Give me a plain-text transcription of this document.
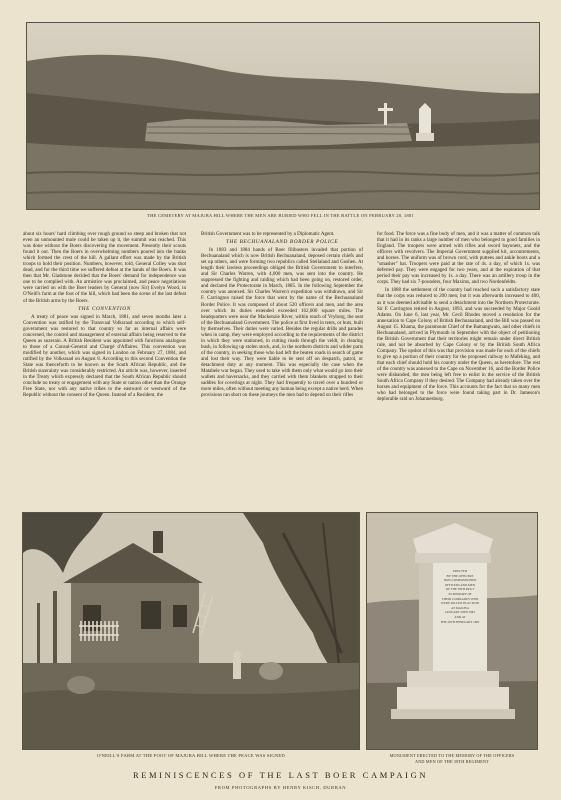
THE CEMETERY AT MAJUBA HILL WHERE THE MEN ARE BURIED WHO FELL IN THE BATTLE ON FEBRUARY 20, 1881

about six hours' hard climbing over rough ground so steep and broken that not even an unmounted mule could be taken up it, the summit was reached. This was done without the Boers discovering the movement. Presently their scouts found it out. Then the Boers in overwhelming numbers poured into the banks which formed the crest of the hill. A gallant effort was made by the British troops to hold their position. Numbers, however, told, General Colley was shot dead, and for the third time we suffered defeat at the hands of the Boers. It was then that Mr. Gladstone decided that the Boers' demand for independence was one to be complied with. An armistice was proclaimed, and peace negotiations were carried on with the Boer leaders by General (now Sir) Evelyn Wood, in O'Neill's farm at the foot of the hill, which had been the scene of the last defeat of the British arms by the Boers.

THE CONVENTION

A treaty of peace was signed in March, 1881, and seven months later a Convention was ratified by the Transvaal Volksraad according to which self-government was restored to that country so far as internal affairs were concerned, the control and management of external affairs being reserved to the Queen as suzerain. A British Resident was appointed with functions analogous to those of a Consul-General and Chargé d'Affaires. This convention was modified by another, which was signed in London on February 27, 1884, and ratified by the Volksraad on August 8. According to this second Convention the State was thenceforth to be known as the South African Republic, and the British suzerainty was considerably restricted. An article was, however, inserted in the Treaty which expressly declared that the South African Republic should conclude no treaty or engagement with any State or nation other than the Orange Free State, nor with any native tribes to the eastward or westward of the Republic without the consent of the Queen. Instead of a Resident, the

British Government was to be represented by a Diplomatic Agent.

THE BECHUANALAND BORDER POLICE

In 1883 and 1884 bands of Boer filibusters invaded that portion of Bechuanaland which is now British Bechuanaland, deposed certain chiefs and set up others, and were forming two republics called Stellaland and Goshen. At length their lawless proceedings obliged the British Government to interfere, and Sir Charles Warren, with 4,000 men, was sent into the country. He suppressed the fighting and raiding which had been going on, restored order, and declared the Protectorate in March, 1885. In the following September the country was annexed. Sir Charles Warren's expedition was withdrawn, and Sir F. Carrington raised the force that went by the name of the Bechuanaland Border Police. It was composed of about 520 officers and men, and the area over which its duties extended exceeded 162,000 square miles. The headquarters were near the Mackenzie River, within reach of Vryburg, the seat of the Bechuanaland Government. The police at first lived in tents, or huts, built by themselves. Their duties were varied. Besides the regular drills and parades when in camp, they were employed according to the requirements of the district in which they were stationed, in cutting roads through the veldt, in clearing bush, in following up stolen stock, and, in the northern districts and wilder parts of the country, in seeking those who had left the beaten roads in search of game and lost their way. They were liable to be sent off on despatch, patrol, or detachment duty at any moment. This was especially the case when the Matabele war began. They used to take with them only what would go into their wallets and haversacks, and they carried with them blankets strapped to their saddles for coverings at night. They had frequently to travel over a hundred or more miles, often without meeting any human being except a native herd. When provisions ran short on these journeys the men had to depend on their rifles

for food. The force was a fine body of men, and it was a matter of common talk that it had in its ranks a large number of men who belonged to good families in England. The troopers were armed with rifles and sword bayonets, and the officers with revolvers. The Imperial Government supplied kit, accoutrements, and horses. The uniform was of brown cord, with puttees and ankle boots and a "smasher" hat. Troopers were paid at the rate of 4s. a day, of which 1s. was deferred pay. They were engaged for two years, and at the expiration of that period their pay was increased by 1s. a day. There was an artillery troop in the corps. They had six 7-pounders, four Maxims, and two Nordenfeldts.

In 1888 the settlement of the country had reached such a satisfactory state that the corps was reduced to 200 men; but it was afterwards increased to 400, as it was deemed advisable to send a detachment into the Northern Protectorate. Sir F. Carrington retired in August, 1893, and was succeeded by Major Goold Adams. On June 6, last year, Mr. Cecil Rhodes moved a resolution for the annexation to Cape Colony of British Bechuanaland, and the Bill was passed on August 15. Khama, the paramount Chief of the Bamangwato, and other chiefs in Bechuanaland, arrived in Plymouth in September with the object of petitioning the British Government that their territories might remain under direct British rule, and not be absorbed by Cape Colony or by the British South Africa Company. The upshot of this was that provision was made for each of the chiefs to give up a portion of their country for the proposed railway to Mafeking, and that each chief should hold his country under the Queen, as heretofore. The rest of the country was annexed to the Cape on November 16, and the Border Police were disbanded, the men being left free to enlist in the service of the British South Africa Company if they desired. The Company had already taken over the horses and equipment of the force. This accounts for the fact that so many men who had belonged to the force were found taking part in Dr. Jameson's deplorable raid on Johannesburg.

O'NEILL'S FARM AT THE FOOT OF MAJUBA HILL WHERE THE PEACE WAS SIGNED
ERECTED
BY THE OFFICERS
NON-COMMISSIONED
OFFICERS AND MEN
OF THE 58TH REGT
IN MEMORY OF
THEIR COMRADES WHO
WERE KILLED IN ACTION
AT MAJUBA
JANUARY 28TH 1881
AND AT
THE 20TH FEBRUARY 1881
MONUMENT ERECTED TO THE MEMORY OF THE OFFICERS
AND MEN OF THE 58TH REGIMENT
REMINISCENCES OF THE LAST BOER CAMPAIGN
FROM PHOTOGRAPHS BY HENRY KISCH, DURBAN
